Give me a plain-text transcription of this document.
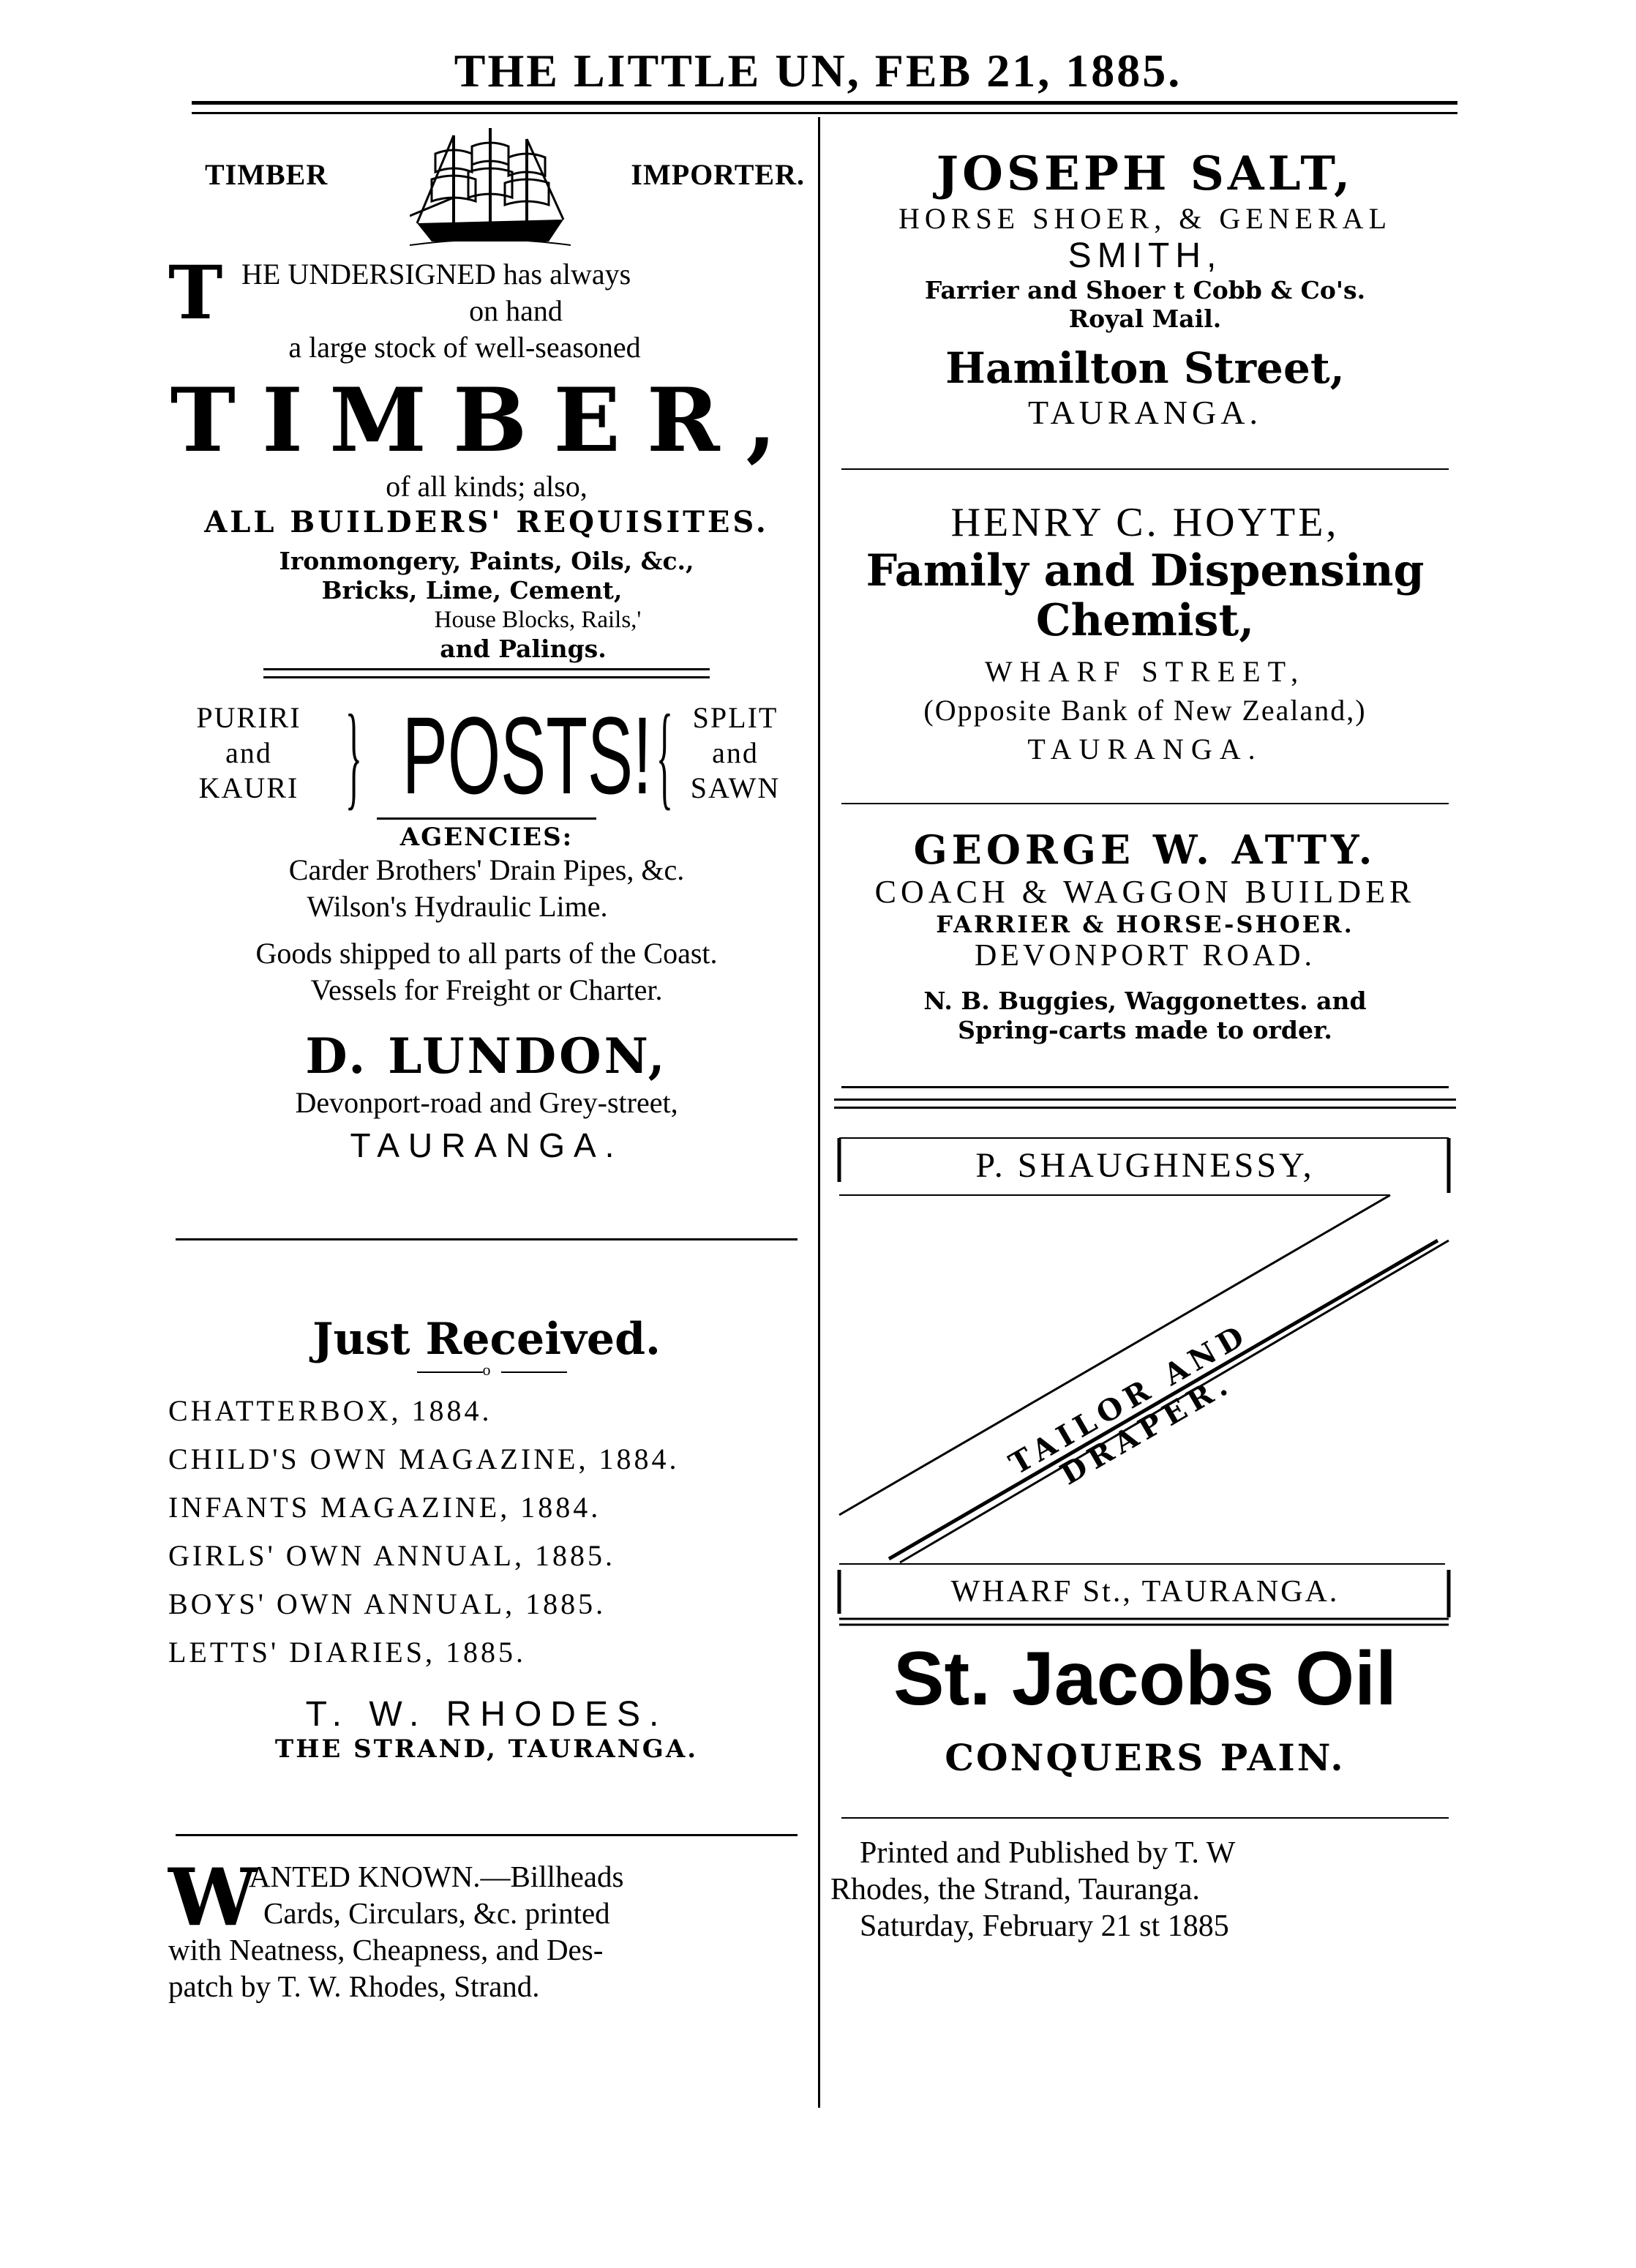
THE LITTLE UN, FEB 21, 1885.
TIMBER	IMPORTER.
T HE UNDERSIGNED has always
on hand
a large stock of well-seasoned
TIMBER,
of all kinds; also,
ALL BUILDERS' REQUISITES.
Ironmongery, Paints, Oils, &c.,
Bricks, Lime, Cement,
House Blocks, Rails,'
and Palings.
PURIRI
and
KAURI } POSTS! { SPLIT
and
SAWN
AGENCIES:
Carder Brothers' Drain Pipes, &c.
Wilson's Hydraulic Lime.
Goods shipped to all parts of the Coast.
Vessels for Freight or Charter.
D. LUNDON,
Devonport-road and Grey-street,
TAURANGA.
Just Received.
o
CHATTERBOX, 1884.
CHILD'S OWN MAGAZINE, 1884.
INFANTS MAGAZINE, 1884.
GIRLS' OWN ANNUAL, 1885.
BOYS' OWN ANNUAL, 1885.
LETTS' DIARIES, 1885.
T. W. RHODES.
THE STRAND, TAURANGA.
W
ANTED KNOWN.—Billheads
Cards, Circulars, &c. printed
with Neatness, Cheapness, and Des-
patch by T. W. Rhodes, Strand.
JOSEPH SALT,
HORSE SHOER, & GENERAL
SMITH,
Farrier and Shoer t Cobb & Co's.
Royal Mail.
Hamilton Street,
TAURANGA.
HENRY C. HOYTE,
Family and Dispensing
Chemist,
WHARF STREET,
(Opposite Bank of New Zealand,)
TAURANGA.
GEORGE W. ATTY.
COACH & WAGGON BUILDER
FARRIER & HORSE-SHOER.
DEVONPORT ROAD.
N. B. Buggies, Waggonettes. and
Spring-carts made to order.
P. SHAUGHNESSY,
TAILOR AND DRAPER.
WHARF St., TAURANGA.
St. Jacobs Oil
CONQUERS PAIN.
Printed and Published by T. W
Rhodes, the Strand, Tauranga.
Saturday, February 21 st 1885
